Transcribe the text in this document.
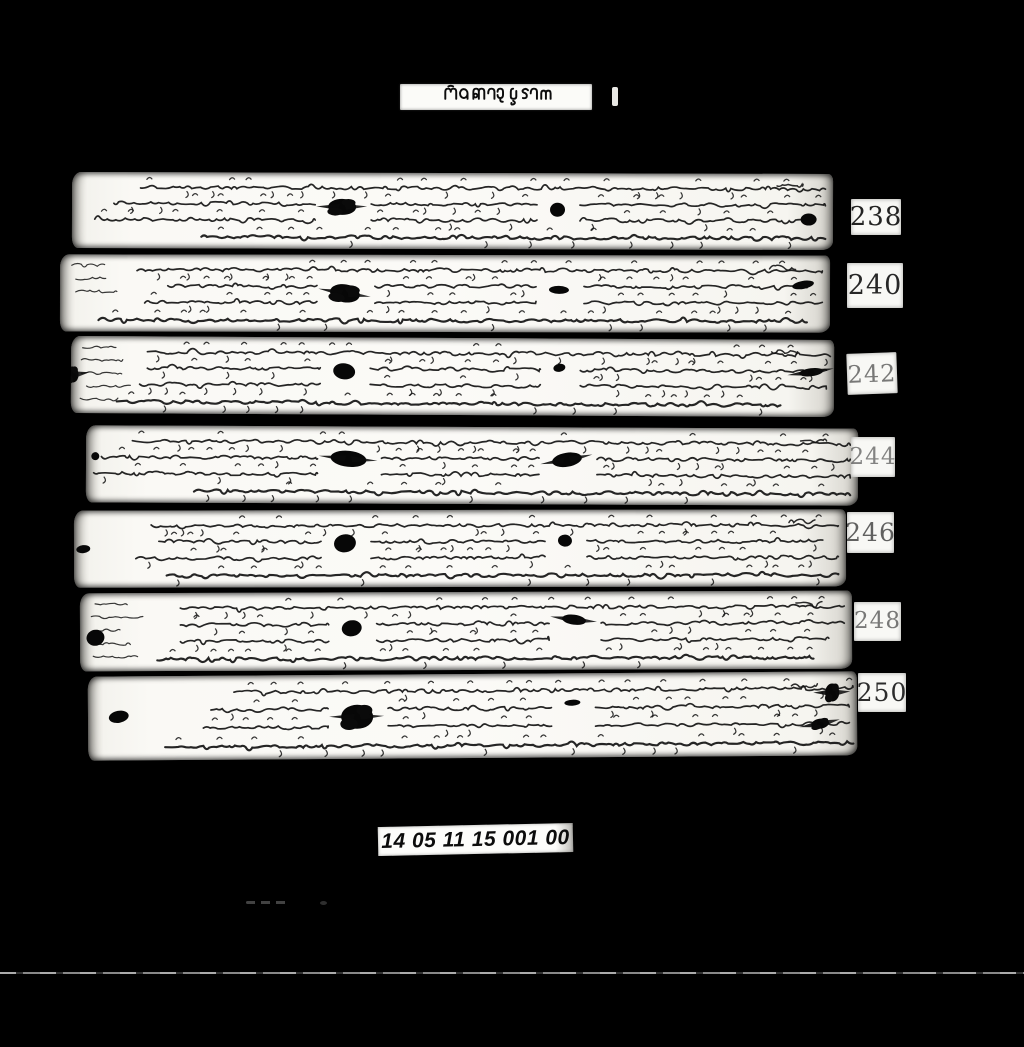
238
240
242
244
246
248
250
14 05 11 15 001 00
